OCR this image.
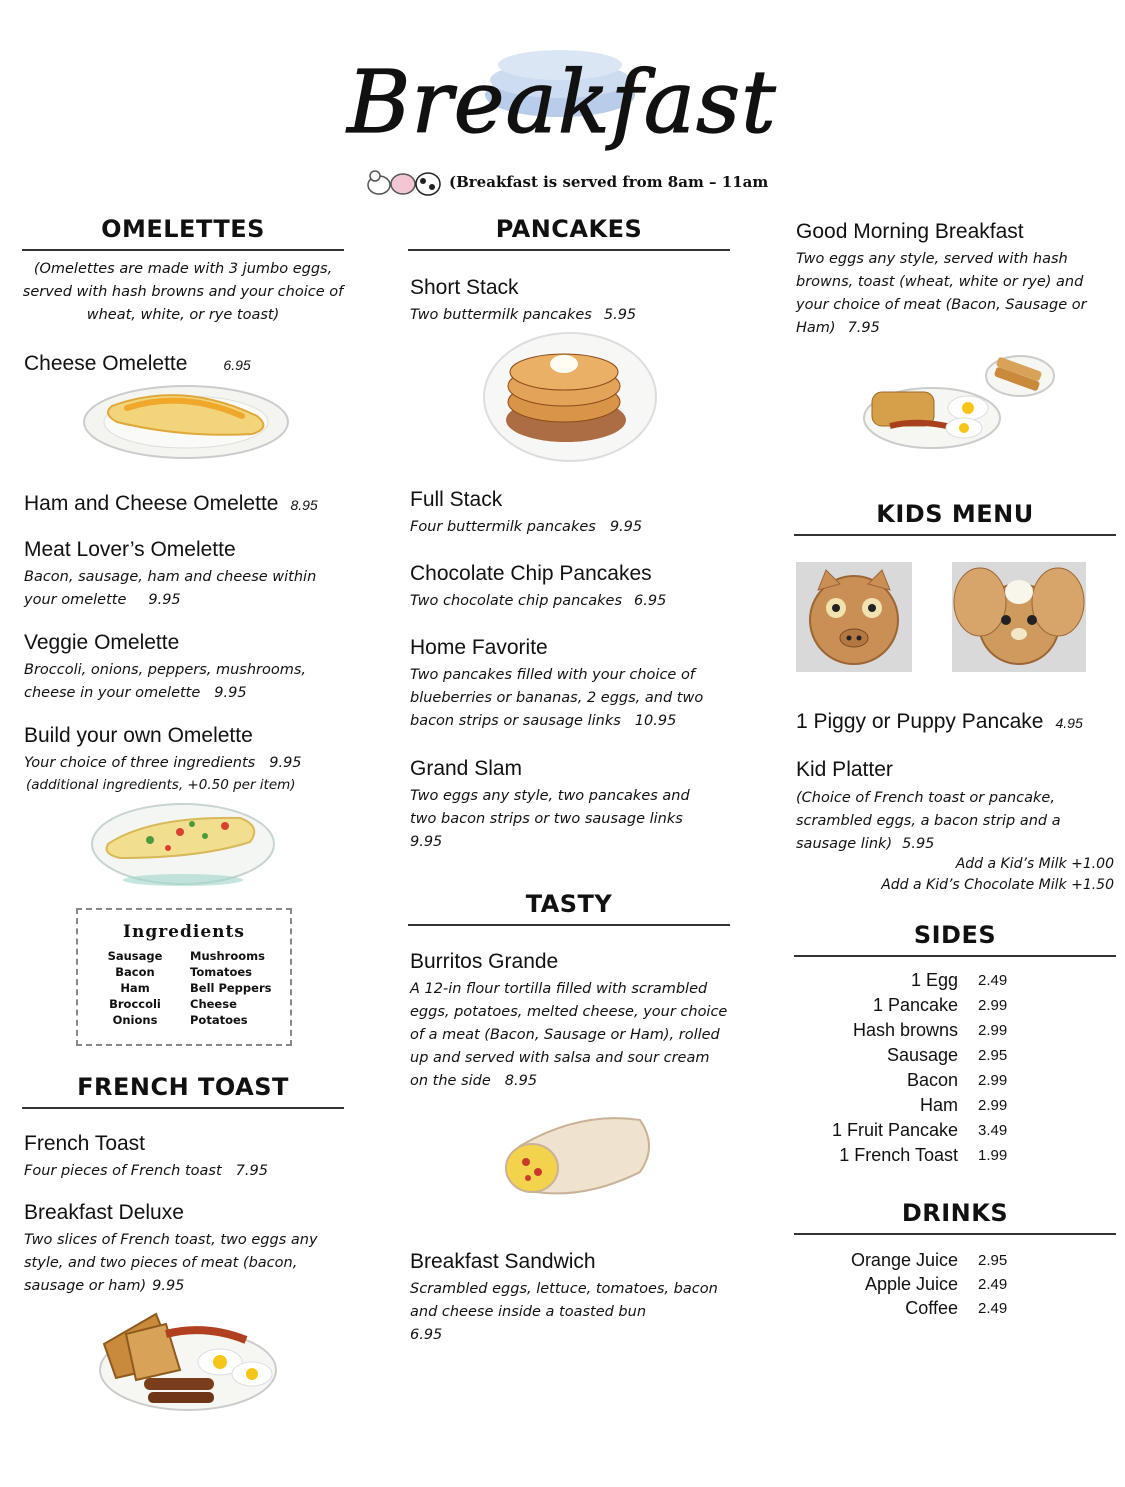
Breakfast
(Breakfast is served from 8am – 11am
OMELETTES
(Omelettes are made with 3 jumbo eggs, served with hash browns and your choice of wheat, white, or rye toast)
Cheese Omelette	6.95
Ham and Cheese Omelette 8.95
Meat Lover’s Omelette
Bacon, sausage, ham and cheese within your omelette 9.95
Veggie Omelette
Broccoli, onions, peppers, mushrooms, cheese in your omelette 9.95
Build your own Omelette
Your choice of three ingredients 9.95
(additional ingredients, +0.50 per item)
Ingredients
Sausage
Bacon
Ham
Broccoli
Onions
Mushrooms
Tomatoes
Bell Peppers
Cheese
Potatoes
FRENCH TOAST
French Toast
Four pieces of French toast 7.95
Breakfast Deluxe
Two slices of French toast, two eggs any style, and two pieces of meat (bacon, sausage or ham) 9.95
PANCAKES
Short Stack
Two buttermilk pancakes 5.95
Full Stack
Four buttermilk pancakes 9.95
Chocolate Chip Pancakes
Two chocolate chip pancakes 6.95
Home Favorite
Two pancakes filled with your choice of blueberries or bananas, 2 eggs, and two bacon strips or sausage links 10.95
Grand Slam
Two eggs any style, two pancakes and two bacon strips or two sausage links
9.95
TASTY
Burritos Grande
A 12-in flour tortilla filled with scrambled eggs, potatoes, melted cheese, your choice of a meat (Bacon, Sausage or Ham), rolled up and served with salsa and sour cream on the side 8.95
Breakfast Sandwich
Scrambled eggs, lettuce, tomatoes, bacon and cheese inside a toasted bun
6.95
Good Morning Breakfast
Two eggs any style, served with hash browns, toast (wheat, white or rye) and your choice of meat (Bacon, Sausage or Ham) 7.95
KIDS MENU
1 Piggy or Puppy Pancake 4.95
Kid Platter
(Choice of French toast or pancake, scrambled eggs, a bacon strip and a sausage link) 5.95
Add a Kid’s Milk +1.00
Add a Kid’s Chocolate Milk +1.50
SIDES
1 Egg 2.49
1 Pancake 2.99
Hash browns 2.99
Sausage 2.95
Bacon 2.99
Ham 2.99
1 Fruit Pancake 3.49
1 French Toast 1.99
DRINKS
Orange Juice 2.95
Apple Juice 2.49
Coffee 2.49
